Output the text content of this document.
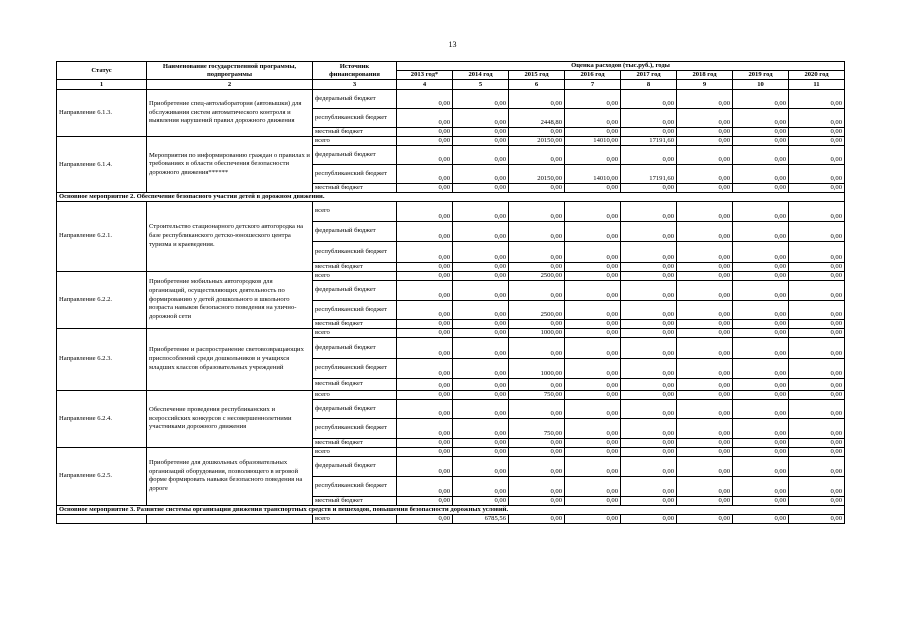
13
Статус	Наименование государственной программы, подпрограммы	Источник финансирования	Оценка расходов (тыс.руб.), годы							
			2013 год*	2014 год	2015 год	2016 год	2017 год	2018 год	2019 год	2020 год
1	2	3	4	5	6	7	8	9	10	11
Направление 6.1.3.	Приобретение спец-автолаборатория (автовышки) для обслуживания систем автоматического контроля и выявления нарушений правил дорожного движения	федеральный бюджет	0,00	0,00	0,00	0,00	0,00	0,00	0,00	0,00
		республиканский бюджет	0,00	0,00	2448,80	0,00	0,00	0,00	0,00	0,00
		местный бюджет	0,00	0,00	0,00	0,00	0,00	0,00	0,00	0,00
Направление 6.1.4.	Мероприятия по информированию граждан о правилах и требованиях в области обеспечения безопасности дорожного движения******	всего	0,00	0,00	20150,00	14010,00	17191,60	0,00	0,00	0,00
		федеральный бюджет	0,00	0,00	0,00	0,00	0,00	0,00	0,00	0,00
		республиканский бюджет	0,00	0,00	20150,00	14010,00	17191,60	0,00	0,00	0,00
		местный бюджет	0,00	0,00	0,00	0,00	0,00	0,00	0,00	0,00
Основное мероприятие 2. Обеспечение безопасного участия детей в дорожном движении.										
Направление 6.2.1.	Строительство стационарного детского автогородка на базе республиканского детско-юношеского центра туризма и краеведения.	всего	0,00	0,00	0,00	0,00	0,00	0,00	0,00	0,00
		федеральный бюджет	0,00	0,00	0,00	0,00	0,00	0,00	0,00	0,00
		республиканский бюджет	0,00	0,00	0,00	0,00	0,00	0,00	0,00	0,00
		местный бюджет	0,00	0,00	0,00	0,00	0,00	0,00	0,00	0,00
Направление 6.2.2.	Приобретение мобильных автогородков для организаций, осуществляющих деятельность по формированию у детей дошкольного и школьного возраста навыков безопасного поведения на улично-дорожной сети	всего	0,00	0,00	2500,00	0,00	0,00	0,00	0,00	0,00
		федеральный бюджет	0,00	0,00	0,00	0,00	0,00	0,00	0,00	0,00
		республиканский бюджет	0,00	0,00	2500,00	0,00	0,00	0,00	0,00	0,00
		местный бюджет	0,00	0,00	0,00	0,00	0,00	0,00	0,00	0,00
Направление 6.2.3.	Приобретение и распространение световозвращающих приспособлений среди дошкольников и учащихся младших классов образовательных учреждений	всего	0,00	0,00	1000,00	0,00	0,00	0,00	0,00	0,00
		федеральный бюджет	0,00	0,00	0,00	0,00	0,00	0,00	0,00	0,00
		республиканский бюджет	0,00	0,00	1000,00	0,00	0,00	0,00	0,00	0,00
		местный бюджет	0,00	0,00	0,00	0,00	0,00	0,00	0,00	0,00
Направление 6.2.4.	Обеспечение проведения республиканских и всероссийских конкурсов с несовершеннолетними участниками дорожного движения	всего	0,00	0,00	750,00	0,00	0,00	0,00	0,00	0,00
		федеральный бюджет	0,00	0,00	0,00	0,00	0,00	0,00	0,00	0,00
		республиканский бюджет	0,00	0,00	750,00	0,00	0,00	0,00	0,00	0,00
		местный бюджет	0,00	0,00	0,00	0,00	0,00	0,00	0,00	0,00
Направление 6.2.5.	Приобретение для дошкольных образовательных организаций оборудования, позволяющего в игровой форме формировать навыки безопасного поведения на дороге	всего	0,00	0,00	0,00	0,00	0,00	0,00	0,00	0,00
		федеральный бюджет	0,00	0,00	0,00	0,00	0,00	0,00	0,00	0,00
		республиканский бюджет	0,00	0,00	0,00	0,00	0,00	0,00	0,00	0,00
		местный бюджет	0,00	0,00	0,00	0,00	0,00	0,00	0,00	0,00
Основное мероприятие 3. Развитие системы организации движения транспортных средств и пешеходов, повышения безопасности дорожных условий.										
		всего	0,00	6785,56	0,00	0,00	0,00	0,00	0,00	0,00
